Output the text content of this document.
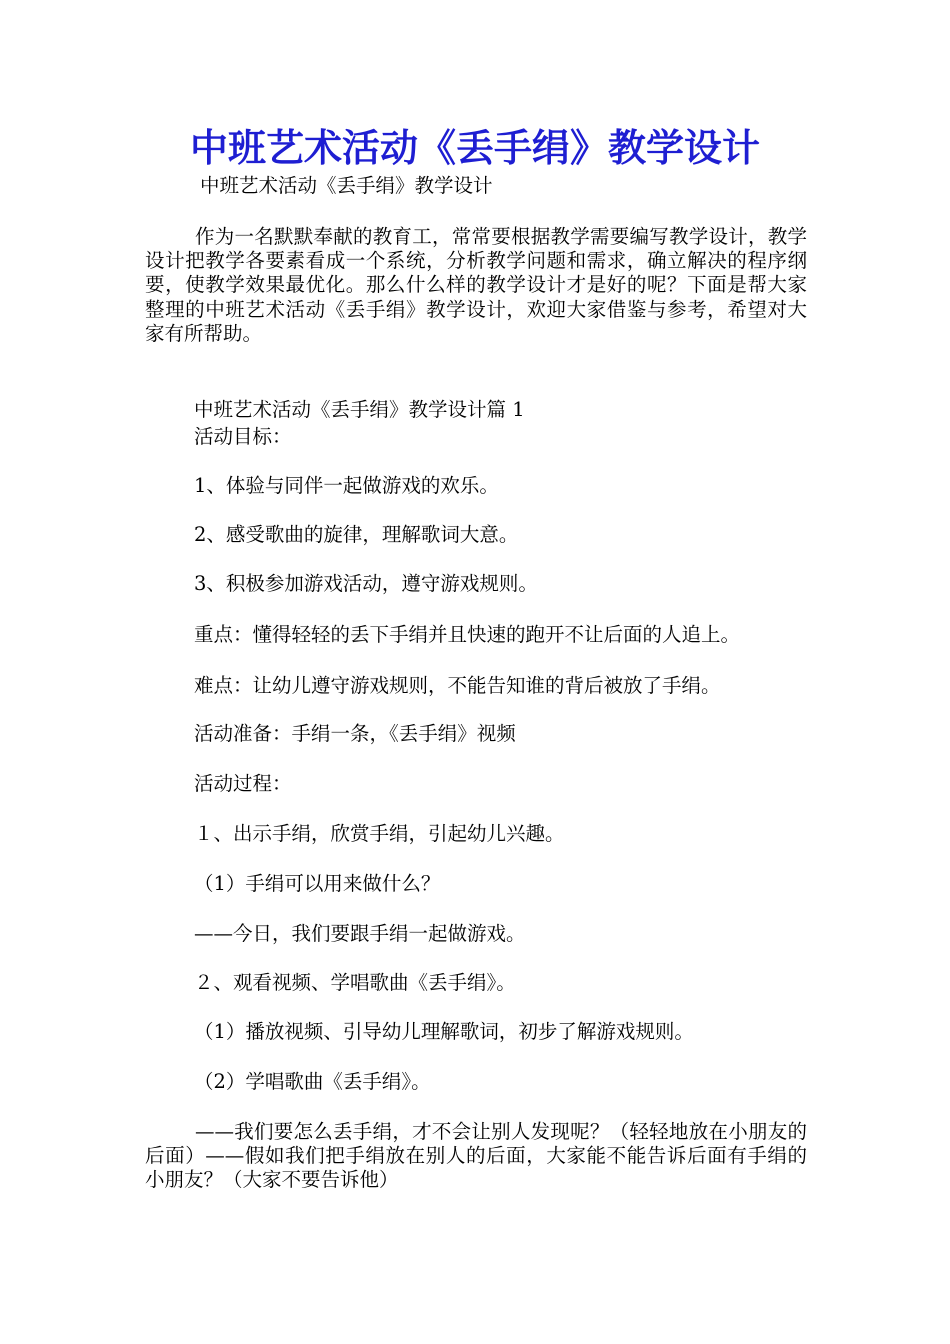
中班艺术活动《丢手绢》教学设计
中班艺术活动《丢手绢》教学设计
作为一名默默奉献的教育工，常常要根据教学需要编写教学设计，教学设计把教学各要素看成一个系统，分析教学问题和需求，确立解决的程序纲要，使教学效果最优化。那么什么样的教学设计才是好的呢？下面是帮大家整理的中班艺术活动《丢手绢》教学设计，欢迎大家借鉴与参考，希望对大家有所帮助。
中班艺术活动《丢手绢》教学设计篇 1
活动目标：
1、体验与同伴一起做游戏的欢乐。
2、感受歌曲的旋律，理解歌词大意。
3、积极参加游戏活动，遵守游戏规则。
重点：懂得轻轻的丢下手绢并且快速的跑开不让后面的人追上。
难点：让幼儿遵守游戏规则，不能告知谁的背后被放了手绢。
活动准备：手绢一条，《丢手绢》视频
活动过程：
１、出示手绢，欣赏手绢，引起幼儿兴趣。
（1）手绢可以用来做什么？
——今日，我们要跟手绢一起做游戏。
２、观看视频、学唱歌曲《丢手绢》。
（1）播放视频、引导幼儿理解歌词，初步了解游戏规则。
（2）学唱歌曲《丢手绢》。
——我们要怎么丢手绢，才不会让别人发现呢？（轻轻地放在小朋友的后面）——假如我们把手绢放在别人的后面，大家能不能告诉后面有手绢的小朋友？（大家不要告诉他）
